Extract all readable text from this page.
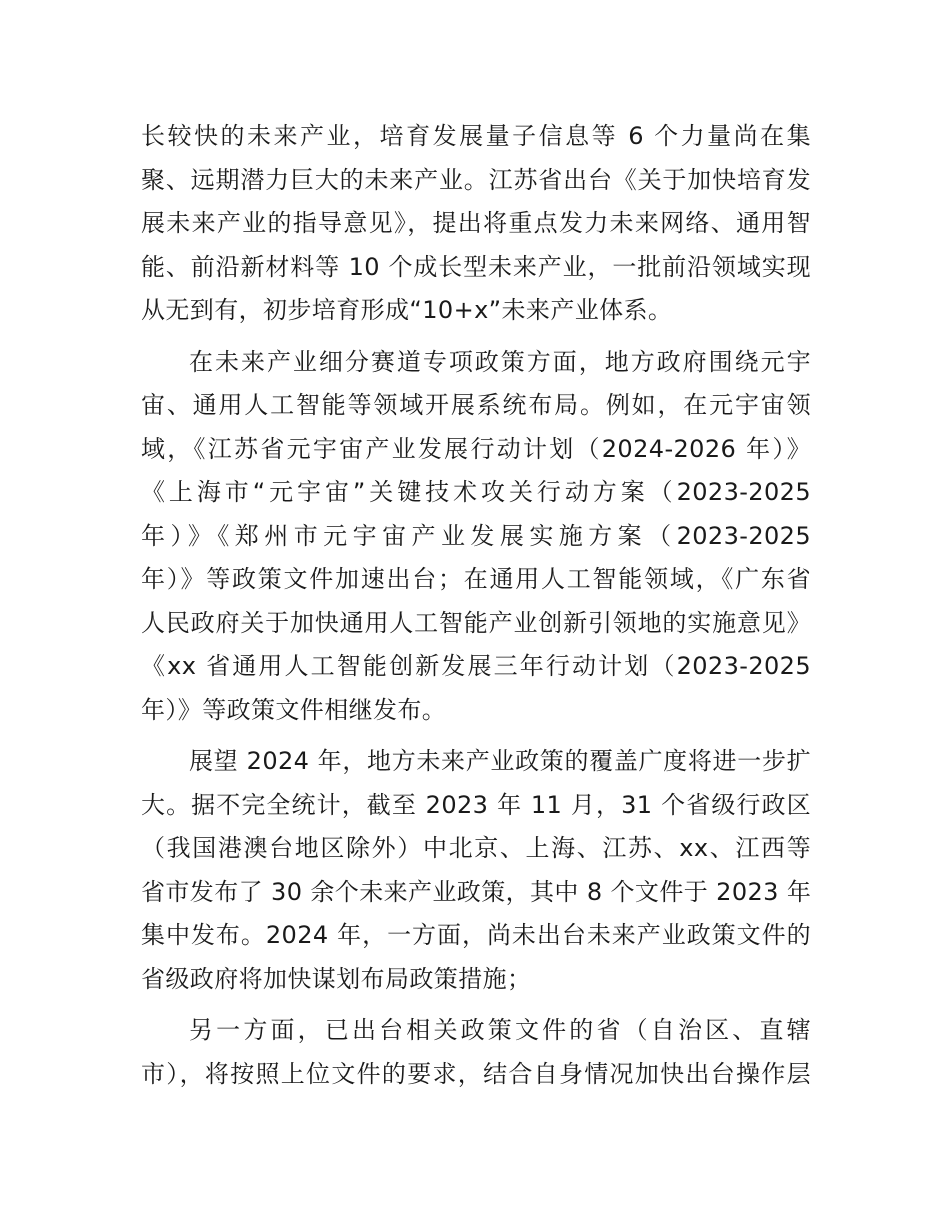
长较快的未来产业，培育发展量子信息等 6 个力量尚在集
聚、远期潜力巨大的未来产业。江苏省出台《关于加快培育发
展未来产业的指导意见》，提出将重点发力未来网络、通用智
能、前沿新材料等 10 个成长型未来产业，一批前沿领域实现
从无到有，初步培育形成“10+x”未来产业体系。

在未来产业细分赛道专项政策方面，地方政府围绕元宇
宙、通用人工智能等领域开展系统布局。例如，在元宇宙领
域，《江苏省元宇宙产业发展行动计划（2024-2026 年）》
《上海市“元宇宙”关键技术攻关行动方案（2023-2025
年）》《郑州市元宇宙产业发展实施方案（2023-2025
年）》等政策文件加速出台；在通用人工智能领域，《广东省
人民政府关于加快通用人工智能产业创新引领地的实施意见》
《xx 省通用人工智能创新发展三年行动计划（2023-2025
年）》等政策文件相继发布。

展望 2024 年，地方未来产业政策的覆盖广度将进一步扩
大。据不完全统计，截至 2023 年 11 月，31 个省级行政区
（我国港澳台地区除外）中北京、上海、江苏、xx、江西等
省市发布了 30 余个未来产业政策，其中 8 个文件于 2023 年
集中发布。2024 年，一方面，尚未出台未来产业政策文件的
省级政府将加快谋划布局政策措施；

另一方面，已出台相关政策文件的省（自治区、直辖
市），将按照上位文件的要求，结合自身情况加快出台操作层
